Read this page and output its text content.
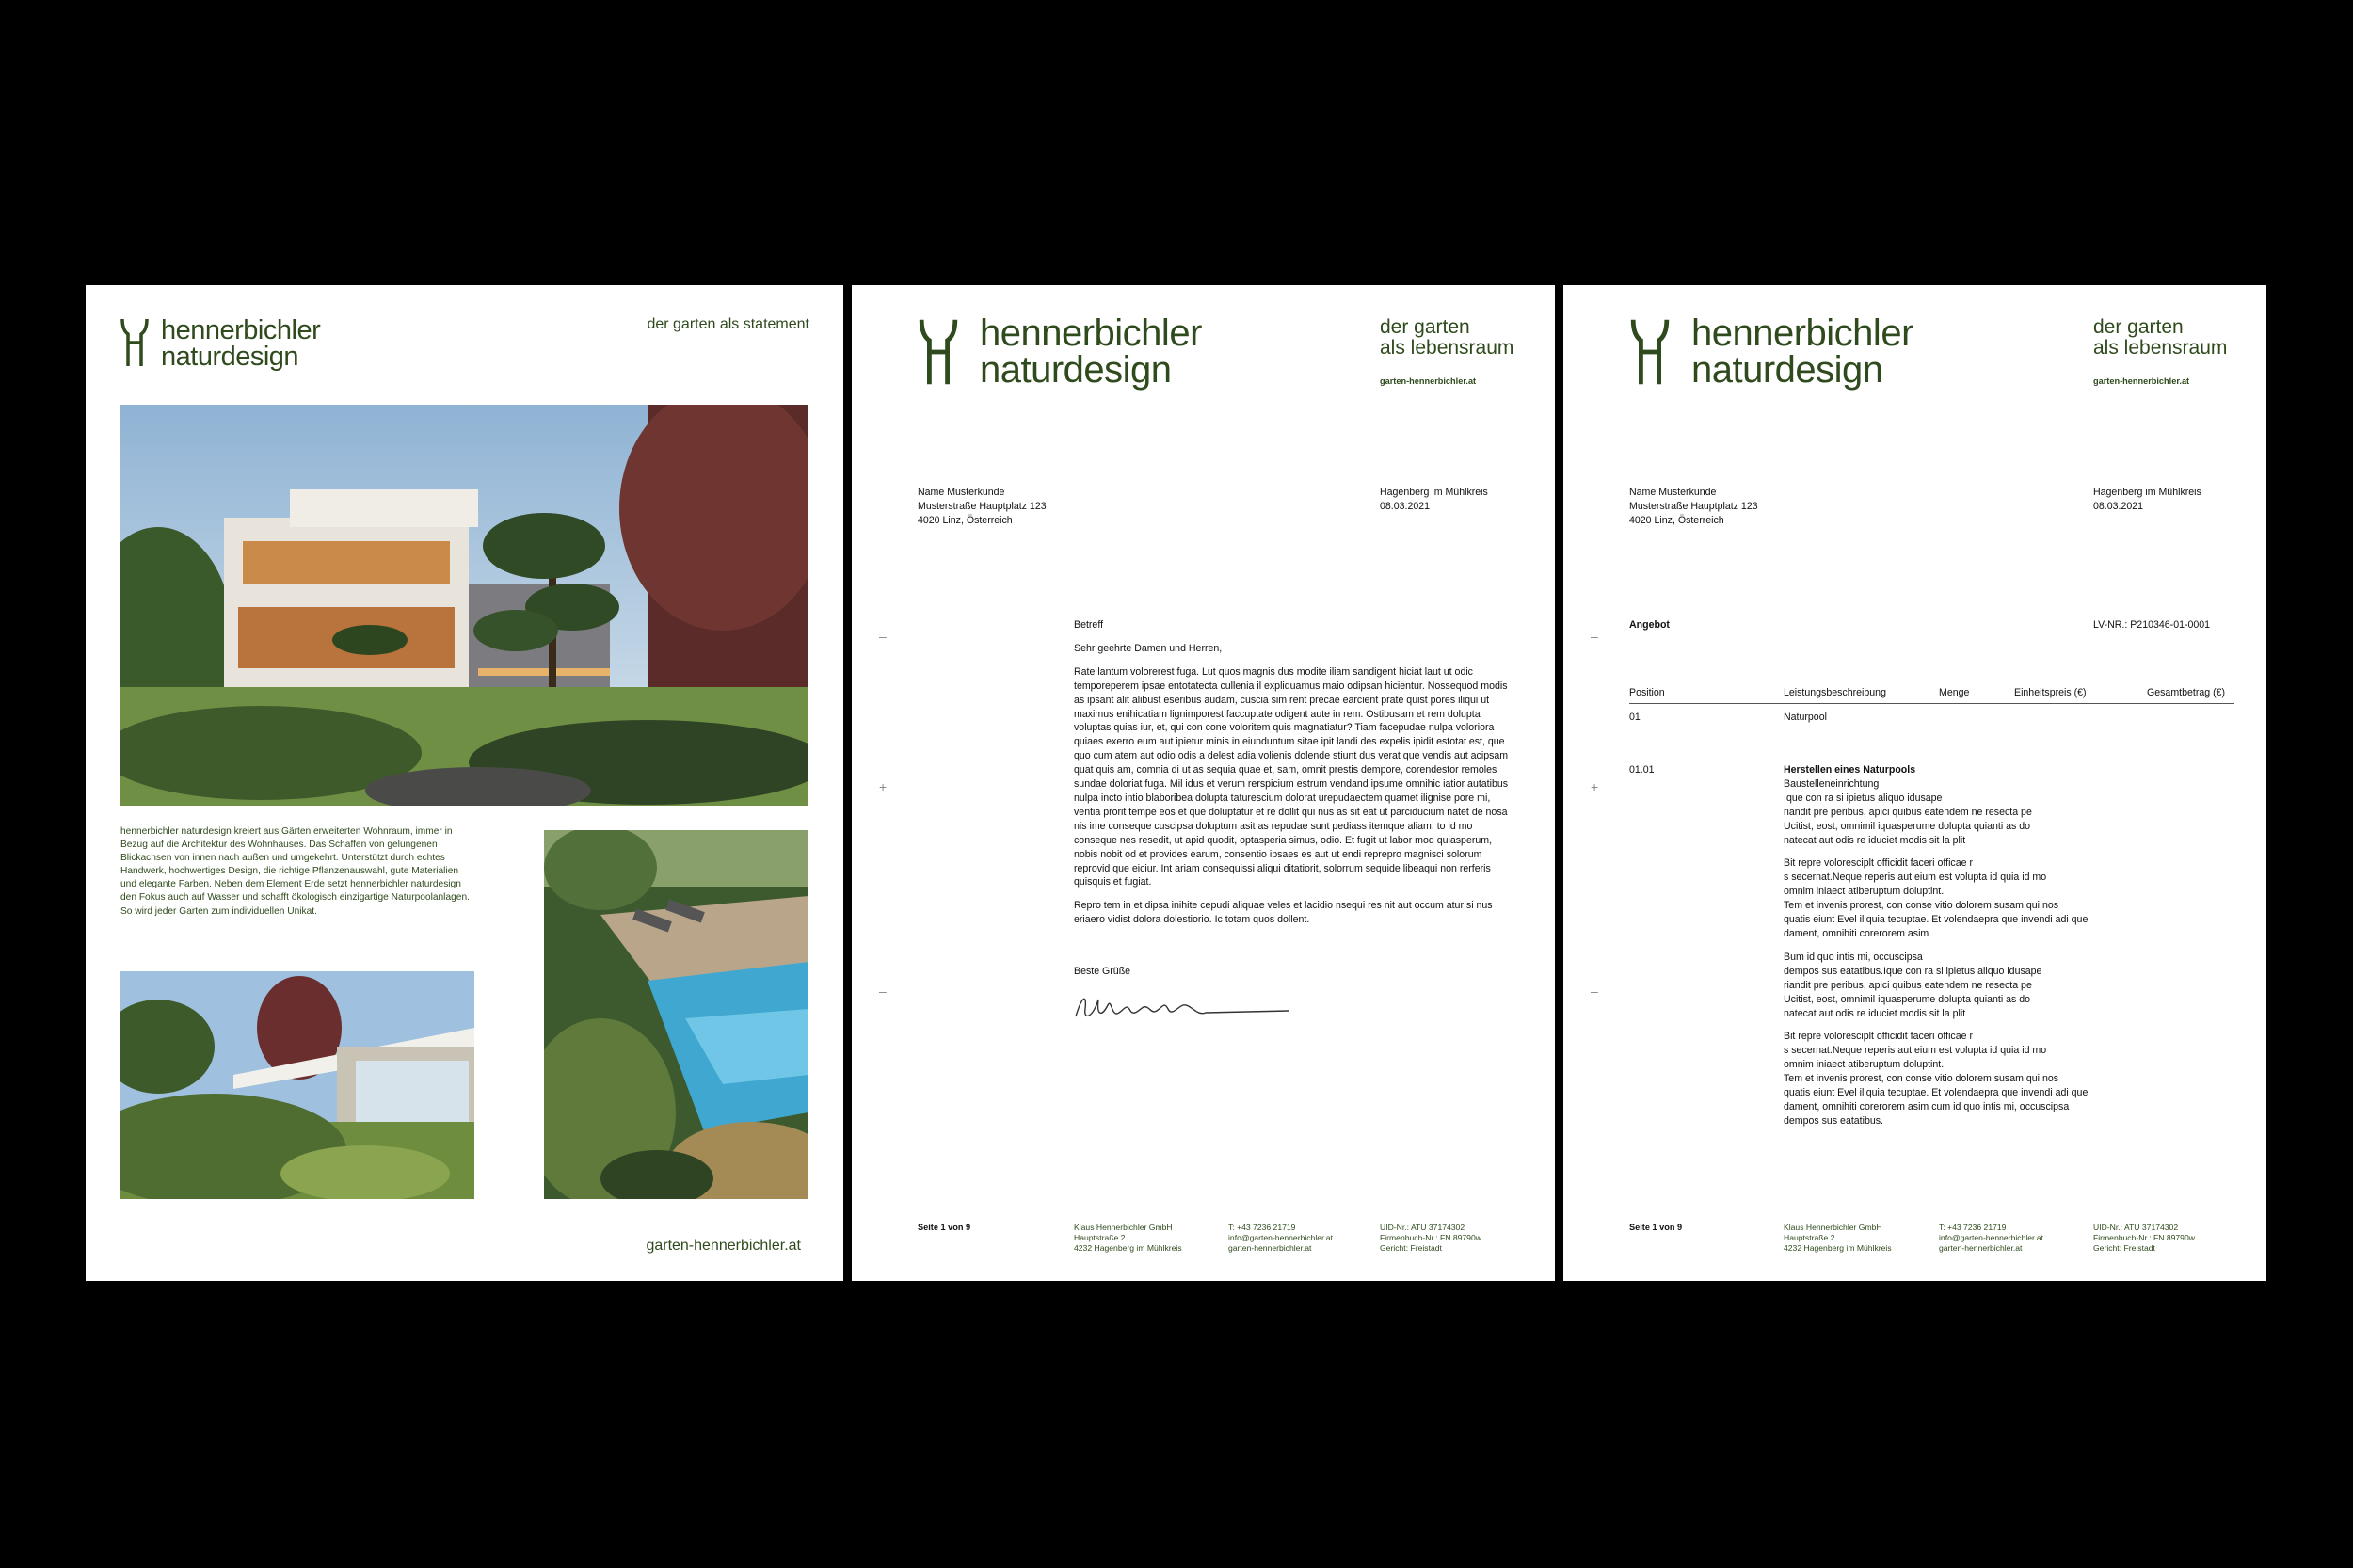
hennerbichler
naturdesign
der garten als statement
hennerbichler naturdesign kreiert aus Gärten erweiterten Wohnraum, immer in Bezug auf die Architektur des Wohnhauses. Das Schaffen von gelungenen Blickachsen von innen nach außen und umgekehrt. Unterstützt durch echtes Handwerk, hochwertiges Design, die richtige Pflanzenauswahl, gute Materialien und elegante Farben. Neben dem Element Erde setzt hennerbichler naturdesign den Fokus auch auf Wasser und schafft ökologisch einzigartige Naturpoolanlagen. So wird jeder Garten zum individuellen Unikat.
garten-hennerbichler.at
hennerbichler
naturdesign
der garten
als lebensraum
garten-hennerbichler.at
Name Musterkunde
Musterstraße Hauptplatz 123
4020 Linz, Österreich
Hagenberg im Mühlkreis
08.03.2021
–
+
–

Betreff

Sehr geehrte Damen und Herren,

Rate lantum volorerest fuga. Lut quos magnis dus modite iliam sandigent hiciat laut ut odic temporeperem ipsae entotatecta cullenia il expliquamus maio odipsan hicientur. Nossequod modis as ipsant alit alibust eseribus audam, cuscia sim rent precae earcient prate quist pores iliqui ut maximus enihicatiam lignimporest faccuptate odigent aute in rem. Ostibusam et rem dolupta voluptas quias iur, et, qui con cone voloritem quis magnatiatur? Tiam facepudae nulpa voloriora quiaes exerro eum aut ipietur minis in eiunduntum sitae ipit landi des expelis ipidit estotat est, que quo cum atem aut odio odis a delest adia volienis dolende stiunt dus verat que vendis aut acipsam quat quis am, comnia di ut as sequia quae et, sam, omnit prestis dempore, corendestor remoles sundae doloriat fuga. Mil idus et verum rerspicium estrum vendand ipsume omnihic iatior autatibus nulpa incto intio blaboribea dolupta taturescium dolorat urepudaectem quamet ilignise pore mi, ventia prorit tempe eos et que doluptatur et re dollit qui nus as sit eat ut parciducium natet de nosa nis ime conseque cuscipsa doluptum asit as repudae sunt pediass itemque aliam, to id mo conseque nes resedit, ut apid quodit, optasperia simus, odio. Et fugit ut labor mod quiasperum, nobis nobit od et provides earum, consentio ipsaes es aut ut endi reprepro magnisci solorum reprovid que eiciur. Int ariam consequissi aliqui ditatiorit, solorrum sequide libeaqui non rerferis quisquis et fugiat.

Repro tem in et dipsa inihite cepudi aliquae veles et lacidio nsequi res nit aut occum atur si nus eriaero vidist dolora dolestiorio. Ic totam quos dollent.

Beste Grüße

Seite 1 von 9	Klaus Hennerbichler GmbH
Hauptstraße 2
4232 Hagenberg im Mühlkreis
T: +43 7236 21719
info@garten-hennerbichler.at
garten-hennerbichler.at
UID-Nr.: ATU 37174302
Firmenbuch-Nr.: FN 89790w
Gericht: Freistadt
hennerbichler
naturdesign
der garten
als lebensraum
garten-hennerbichler.at
Name Musterkunde
Musterstraße Hauptplatz 123
4020 Linz, Österreich
Hagenberg im Mühlkreis
08.03.2021
–
+
–
Angebot	LV-NR.: P210346-01-0001
Position	Leistungsbeschreibung	Menge	Einheitspreis (€)	Gesamtbetrag (€)
01	Naturpool
01.01	Herstellen eines Naturpools
Baustelleneinrichtung

Ique con ra si ipietus aliquo idusape
riandit pre peribus, apici quibus eatendem ne resecta pe
Ucitist, eost, omnimil iquasperume dolupta quianti as do
natecat aut odis re iduciet modis sit la plit

Bit repre voloresciplt officidit faceri officae r
s secernat.Neque reperis aut eium est volupta id quia id mo
omnim iniaect atiberuptum doluptint.
Tem et invenis prorest, con conse vitio dolorem susam qui nos
quatis eiunt Evel iliquia tecuptae. Et volendaepra que invendi adi que
dament, omnihiti corerorem asim

Bum id quo intis mi, occuscipsa
dempos sus eatatibus.Ique con ra si ipietus aliquo idusape
riandit pre peribus, apici quibus eatendem ne resecta pe
Ucitist, eost, omnimil iquasperume dolupta quianti as do
natecat aut odis re iduciet modis sit la plit

Bit repre voloresciplt officidit faceri officae r
s secernat.Neque reperis aut eium est volupta id quia id mo
omnim iniaect atiberuptum doluptint.
Tem et invenis prorest, con conse vitio dolorem susam qui nos
quatis eiunt Evel iliquia tecuptae. Et volendaepra que invendi adi que
dament, omnihiti corerorem asim cum id quo intis mi, occuscipsa
dempos sus eatatibus.

Seite 1 von 9	Klaus Hennerbichler GmbH
Hauptstraße 2
4232 Hagenberg im Mühlkreis
T: +43 7236 21719
info@garten-hennerbichler.at
garten-hennerbichler.at
UID-Nr.: ATU 37174302
Firmenbuch-Nr.: FN 89790w
Gericht: Freistadt
